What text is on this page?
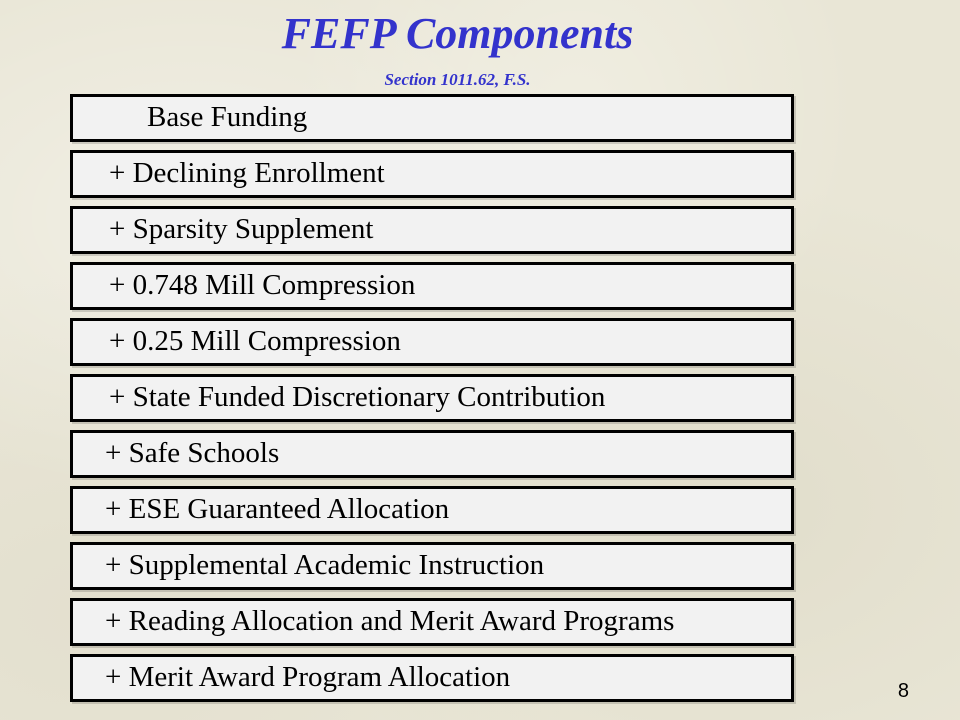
FEFP Components
Section 1011.62, F.S.
Base Funding
+ Declining Enrollment
+ Sparsity Supplement
+ 0.748 Mill Compression
+ 0.25 Mill Compression
+ State Funded Discretionary Contribution
+ Safe Schools
+ ESE Guaranteed Allocation
+ Supplemental Academic Instruction
+ Reading Allocation and Merit Award Programs
+ Merit Award Program Allocation	8
